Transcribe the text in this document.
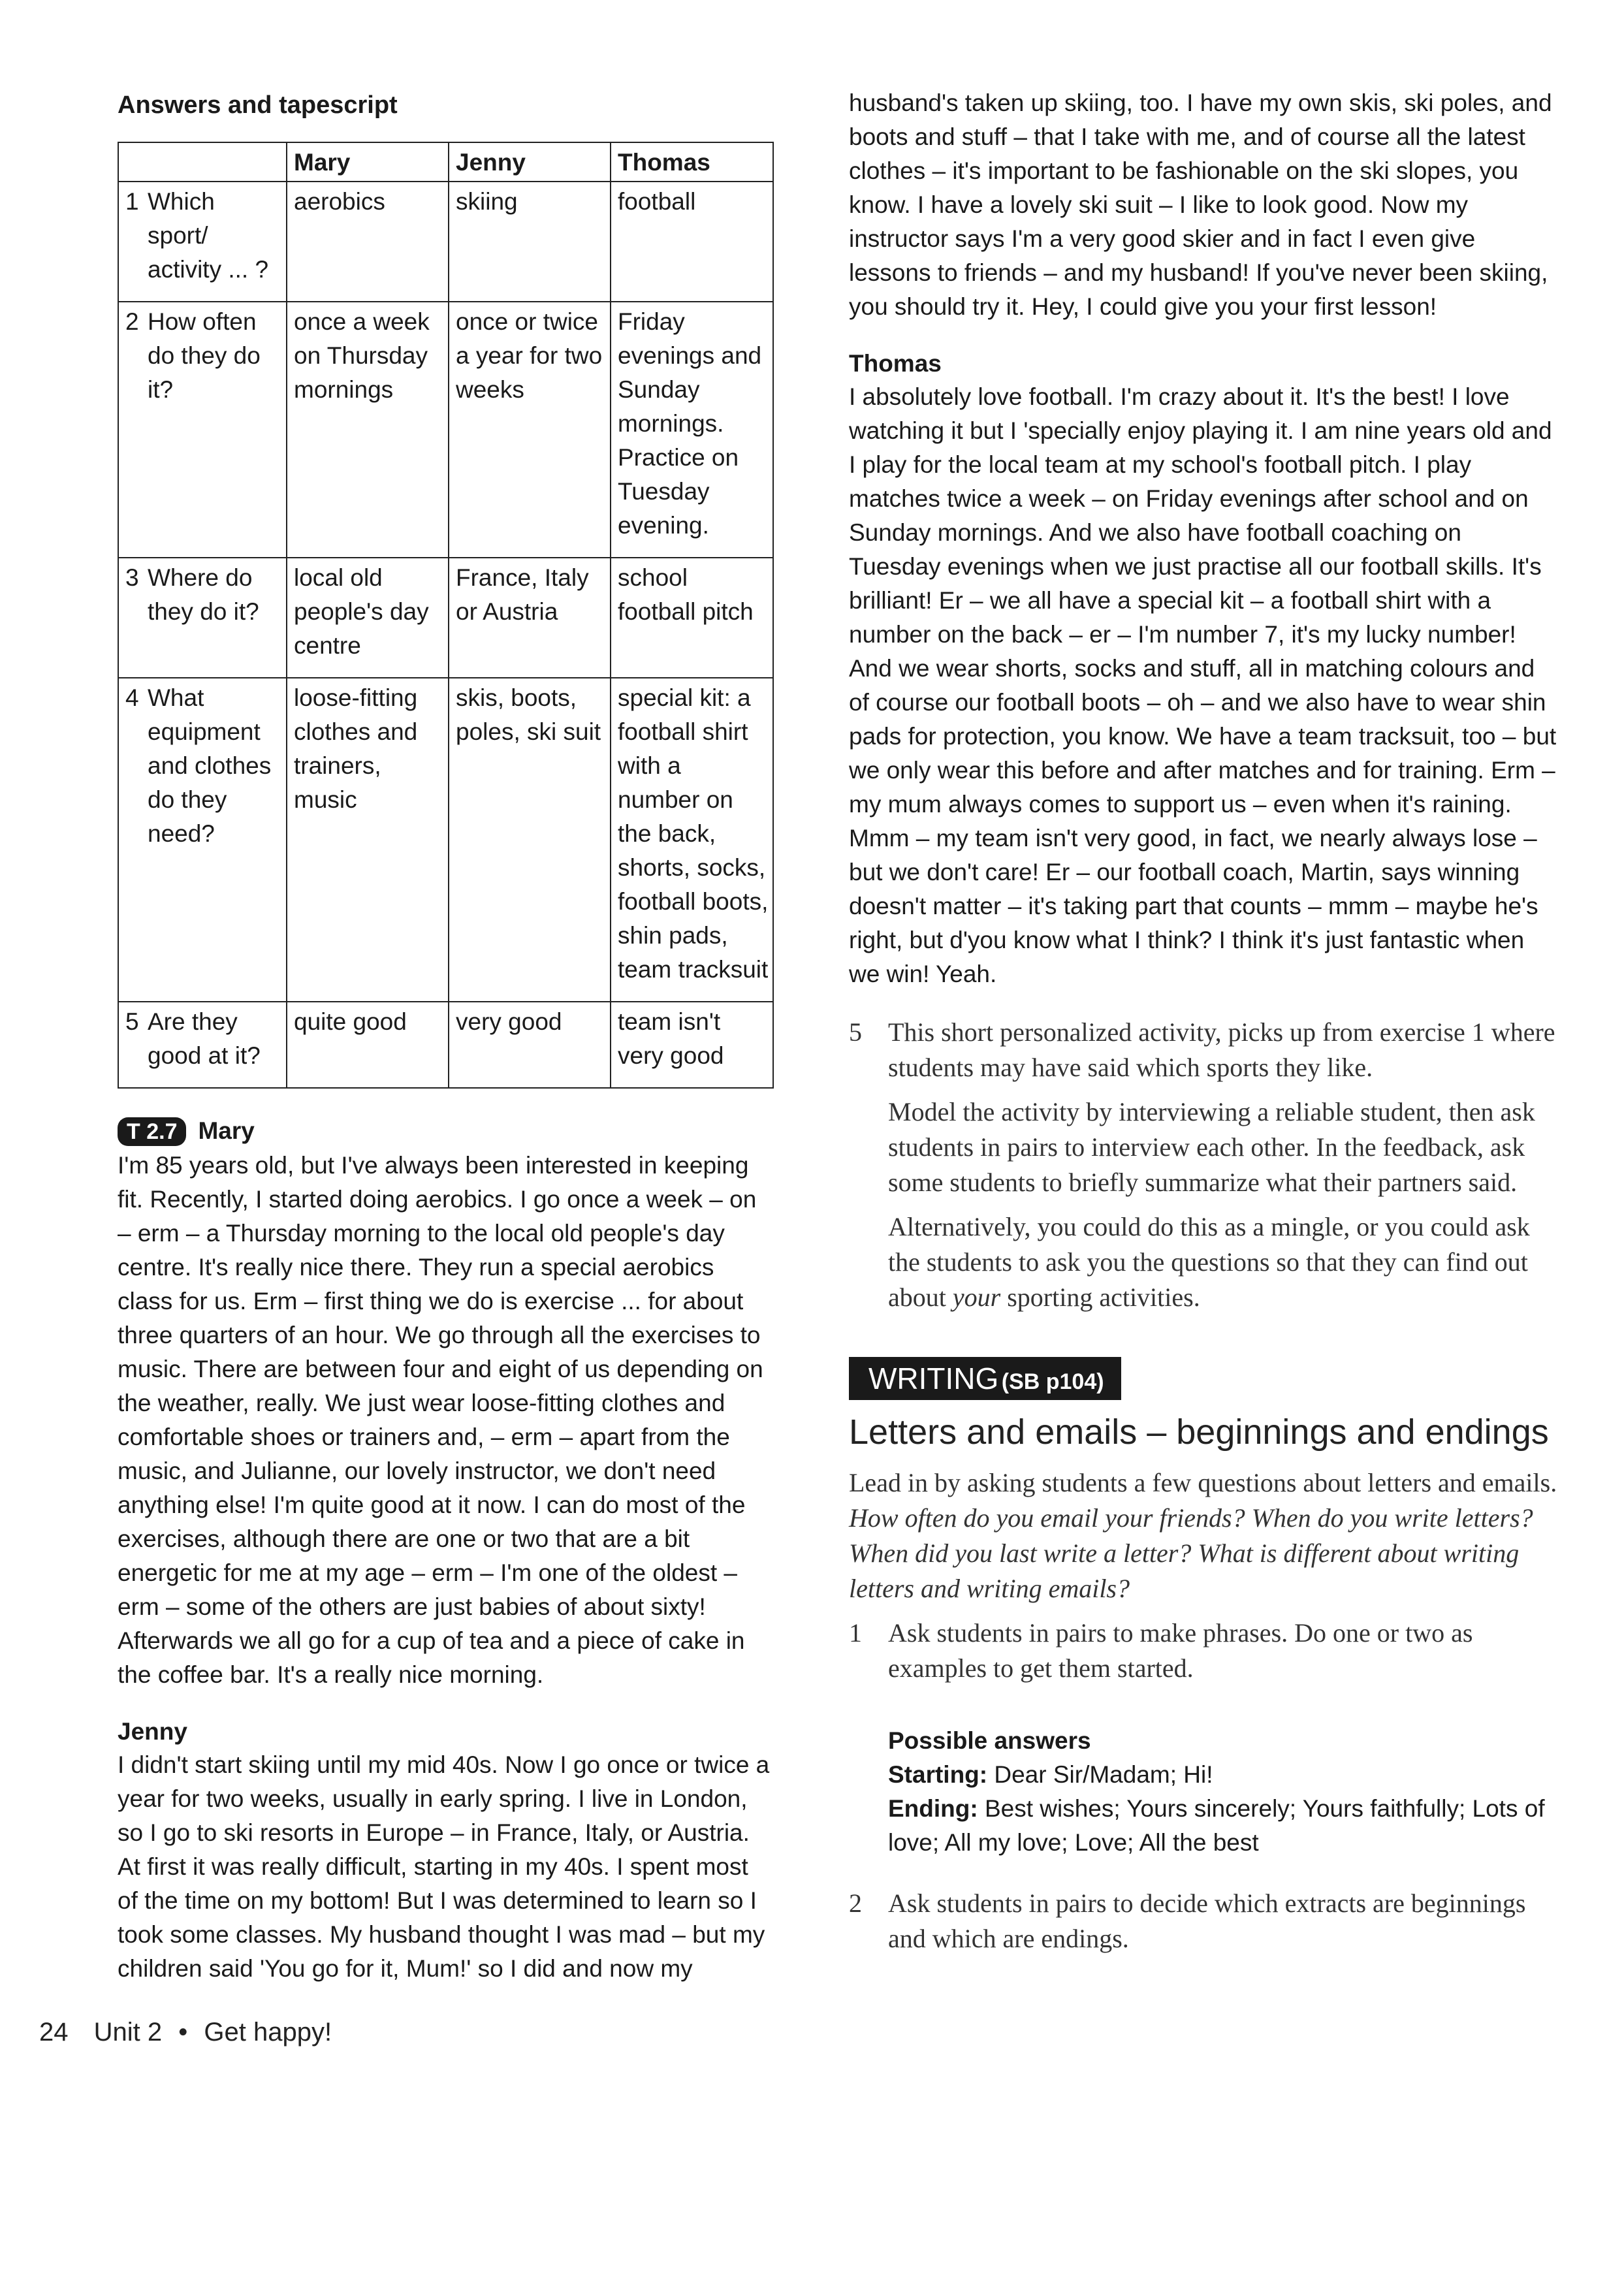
Answers and tapescript
	Mary	Jenny	Thomas
1 Which sport/ activity ... ?	aerobics	skiing	football
2 How often do they do it?	once a week on Thursday mornings	once or twice a year for two weeks	Friday evenings and Sunday mornings. Practice on Tuesday evening.
3 Where do they do it?	local old people's day centre	France, Italy or Austria	school football pitch
4 What equipment and clothes do they need?	loose-fitting clothes and trainers, music	skis, boots, poles, ski suit	special kit: a football shirt with a number on the back, shorts, socks, football boots, shin pads, team tracksuit
5 Are they good at it?	quite good	very good	team isn't very good
T 2.7 Mary

I'm 85 years old, but I've always been interested in keeping fit. Recently, I started doing aerobics. I go once a week – on – erm – a Thursday morning to the local old people's day centre. It's really nice there. They run a special aerobics class for us. Erm – first thing we do is exercise ... for about three quarters of an hour. We go through all the exercises to music. There are between four and eight of us depending on the weather, really. We just wear loose-fitting clothes and comfortable shoes or trainers and, – erm – apart from the music, and Julianne, our lovely instructor, we don't need anything else! I'm quite good at it now. I can do most of the exercises, although there are one or two that are a bit energetic for me at my age – erm – I'm one of the oldest – erm – some of the others are just babies of about sixty! Afterwards we all go for a cup of tea and a piece of cake in the coffee bar. It's a really nice morning.

Jenny

I didn't start skiing until my mid 40s. Now I go once or twice a year for two weeks, usually in early spring. I live in London, so I go to ski resorts in Europe – in France, Italy, or Austria. At first it was really difficult, starting in my 40s. I spent most of the time on my bottom! But I was determined to learn so I took some classes. My husband thought I was mad – but my children said 'You go for it, Mum!' so I did and now my

husband's taken up skiing, too. I have my own skis, ski poles, and boots and stuff – that I take with me, and of course all the latest clothes – it's important to be fashionable on the ski slopes, you know. I have a lovely ski suit – I like to look good. Now my instructor says I'm a very good skier and in fact I even give lessons to friends – and my husband! If you've never been skiing, you should try it. Hey, I could give you your first lesson!

Thomas

I absolutely love football. I'm crazy about it. It's the best! I love watching it but I 'specially enjoy playing it. I am nine years old and I play for the local team at my school's football pitch. I play matches twice a week – on Friday evenings after school and on Sunday mornings. And we also have football coaching on Tuesday evenings when we just practise all our football skills. It's brilliant! Er – we all have a special kit – a football shirt with a number on the back – er – I'm number 7, it's my lucky number! And we wear shorts, socks and stuff, all in matching colours and of course our football boots – oh – and we also have to wear shin pads for protection, you know. We have a team tracksuit, too – but we only wear this before and after matches and for training. Erm – my mum always comes to support us – even when it's raining. Mmm – my team isn't very good, in fact, we nearly always lose – but we don't care! Er – our football coach, Martin, says winning doesn't matter – it's taking part that counts – mmm – maybe he's right, but d'you know what I think? I think it's just fantastic when we win! Yeah.

5	This short personalized activity, picks up from exercise 1 where students may have said which sports they like.

Model the activity by interviewing a reliable student, then ask students in pairs to interview each other. In the feedback, ask some students to briefly summarize what their partners said.

Alternatively, you could do this as a mingle, or you could ask the students to ask you the questions so that they can find out about your sporting activities.

WRITING (SB p104)
Letters and emails – beginnings and endings

Lead in by asking students a few questions about letters and emails. How often do you email your friends? When do you write letters? When did you last write a letter? What is different about writing letters and writing emails?

1	Ask students in pairs to make phrases. Do one or two as examples to get them started.

Possible answers
Starting: Dear Sir/Madam; Hi!
Ending: Best wishes; Yours sincerely; Yours faithfully; Lots of love; All my love; Love; All the best
2	Ask students in pairs to decide which extracts are beginnings and which are endings.

24 Unit 2 • Get happy!
